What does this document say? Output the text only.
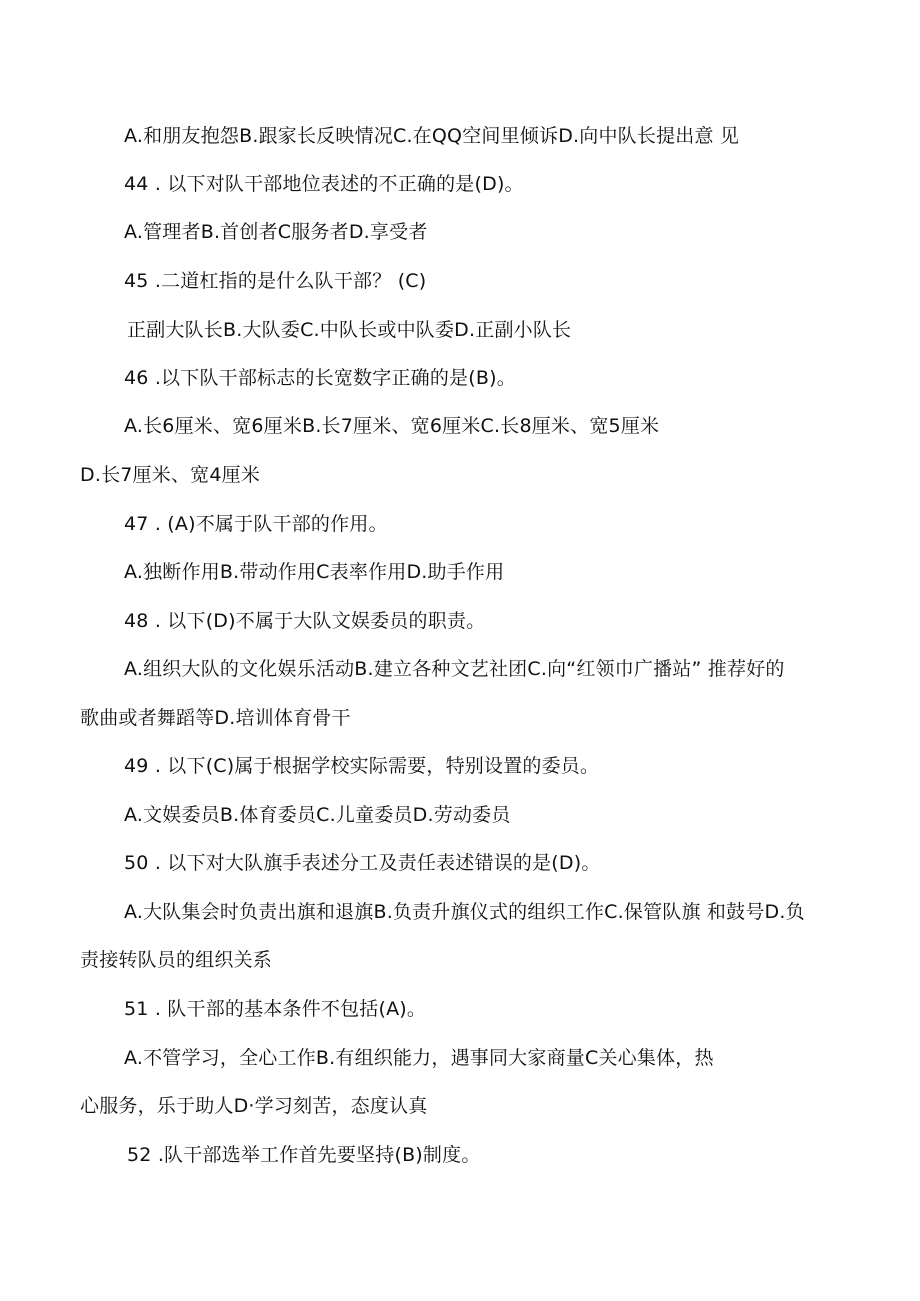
A.和朋友抱怨B.跟家长反映情况C.在QQ空间里倾诉D.向中队长提出意 见
44 . 以下对队干部地位表述的不正确的是(D)。
A.管理者B.首创者C服务者D.享受者
45 .二道杠指的是什么队干部？ (C)
正副大队长B.大队委C.中队长或中队委D.正副小队长
46 .以下队干部标志的长宽数字正确的是(B)。
A.长6厘米、宽6厘米B.长7厘米、宽6厘米C.长8厘米、宽5厘米
D.长7厘米、宽4厘米
47 . (A)不属于队干部的作用。
A.独断作用B.带动作用C表率作用D.助手作用
48 . 以下(D)不属于大队文娱委员的职责。
A.组织大队的文化娱乐活动B.建立各种文艺社团C.向“红领巾广播站” 推荐好的
歌曲或者舞蹈等D.培训体育骨干
49 . 以下(C)属于根据学校实际需要，特别设置的委员。
A.文娱委员B.体育委员C.儿童委员D.劳动委员
50 . 以下对大队旗手表述分工及责任表述错误的是(D)。
A.大队集会时负责出旗和退旗B.负责升旗仪式的组织工作C.保管队旗 和鼓号D.负
责接转队员的组织关系
51 . 队干部的基本条件不包括(A)。
A.不管学习，全心工作B.有组织能力，遇事同大家商量C关心集体，热
心服务，乐于助人D·学习刻苦，态度认真
52 .队干部选举工作首先要坚持(B)制度。
